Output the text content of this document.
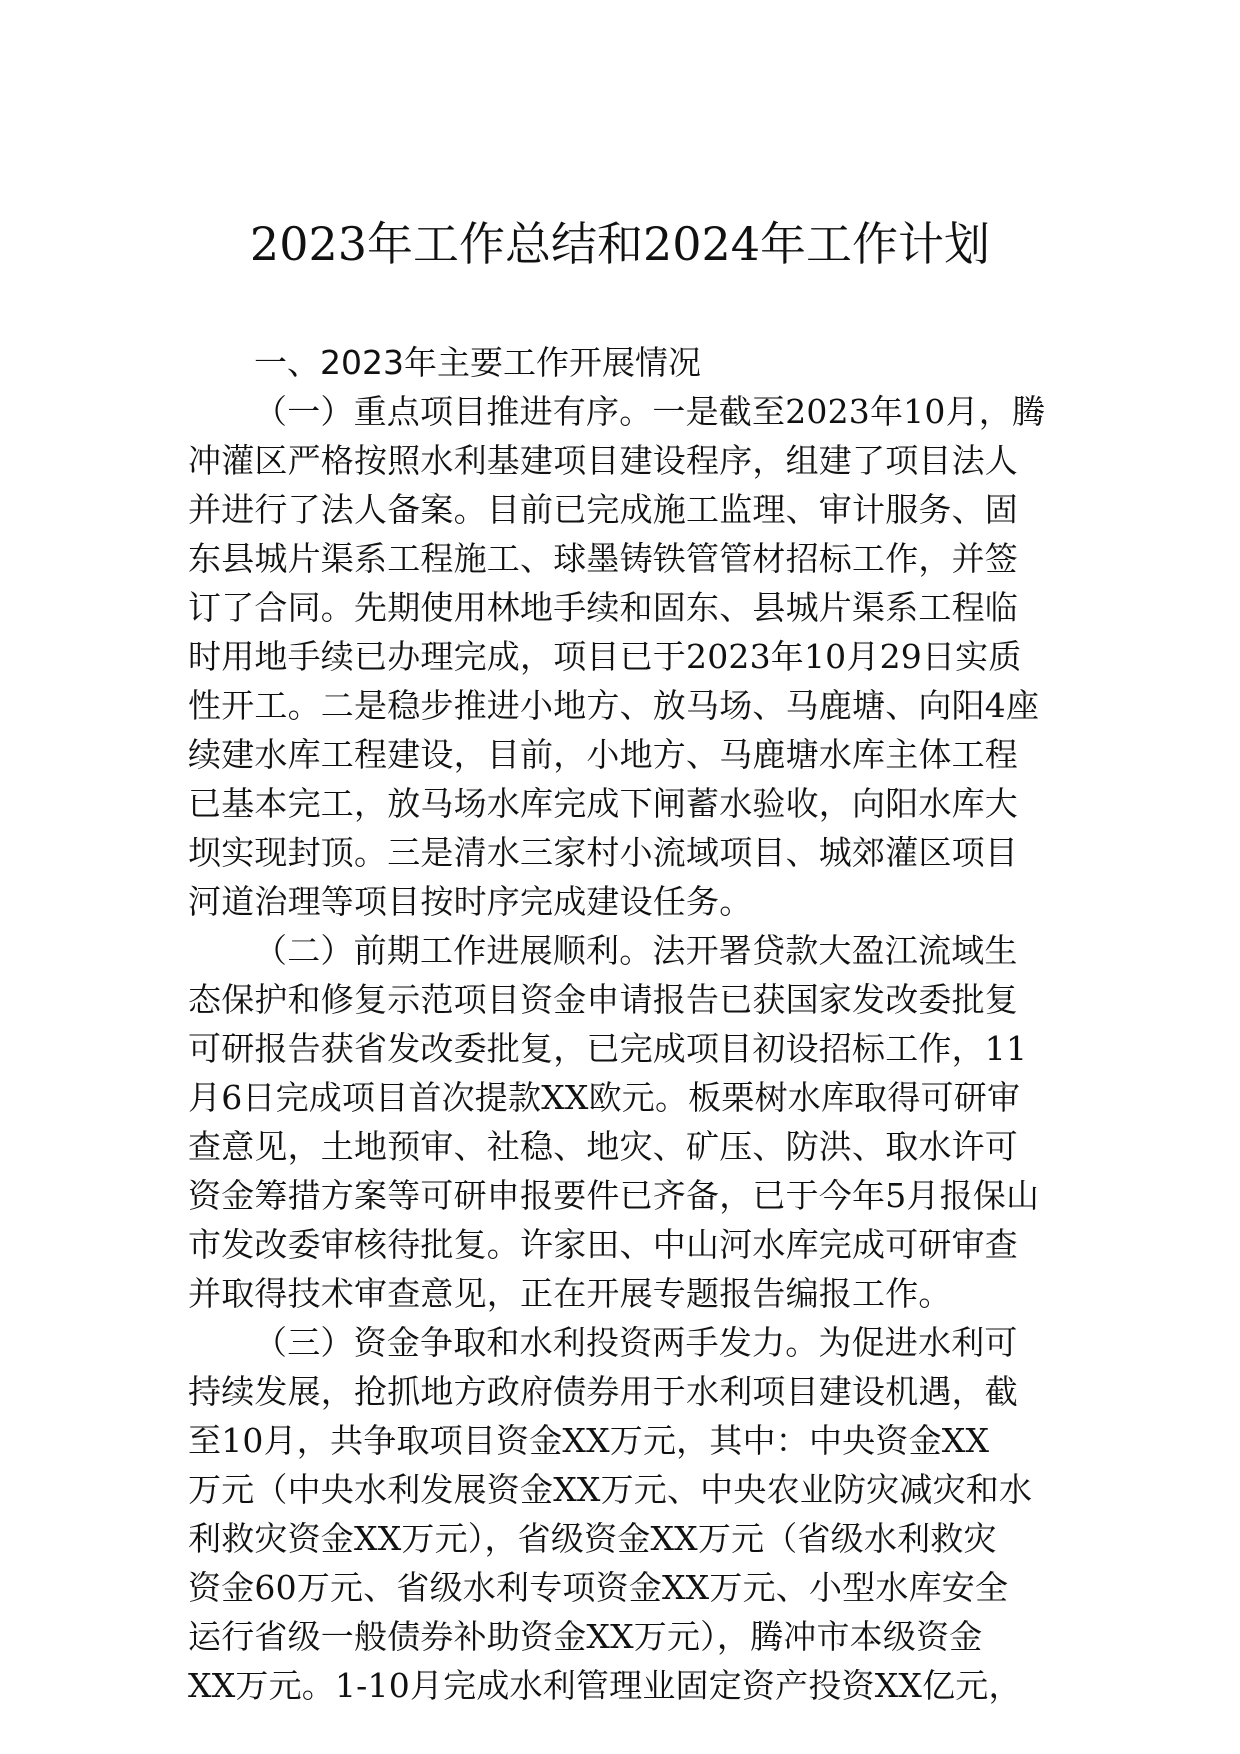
2023年工作总结和2024年工作计划

一、2023年主要工作开展情况

（一）重点项目推进有序。一是截至2023年10月，腾
冲灌区严格按照水利基建项目建设程序，组建了项目法人
并进行了法人备案。目前已完成施工监理、审计服务、固
东县城片渠系工程施工、球墨铸铁管管材招标工作，并签
订了合同。先期使用林地手续和固东、县城片渠系工程临
时用地手续已办理完成，项目已于2023年10月29日实质
性开工。二是稳步推进小地方、放马场、马鹿塘、向阳4座
续建水库工程建设，目前，小地方、马鹿塘水库主体工程
已基本完工，放马场水库完成下闸蓄水验收，向阳水库大
坝实现封顶。三是清水三家村小流域项目、城郊灌区项目
河道治理等项目按时序完成建设任务。

（二）前期工作进展顺利。法开署贷款大盈江流域生
态保护和修复示范项目资金申请报告已获国家发改委批复
可研报告获省发改委批复，已完成项目初设招标工作，11
月6日完成项目首次提款XX欧元。板栗树水库取得可研审
查意见，土地预审、社稳、地灾、矿压、防洪、取水许可
资金筹措方案等可研申报要件已齐备，已于今年5月报保山
市发改委审核待批复。许家田、中山河水库完成可研审查
并取得技术审查意见，正在开展专题报告编报工作。

（三）资金争取和水利投资两手发力。为促进水利可
持续发展，抢抓地方政府债券用于水利项目建设机遇，截
至10月，共争取项目资金XX万元，其中：中央资金XX
万元（中央水利发展资金XX万元、中央农业防灾减灾和水
利救灾资金XX万元），省级资金XX万元（省级水利救灾
资金60万元、省级水利专项资金XX万元、小型水库安全
运行省级一般债券补助资金XX万元），腾冲市本级资金
XX万元。1-10月完成水利管理业固定资产投资XX亿元，
